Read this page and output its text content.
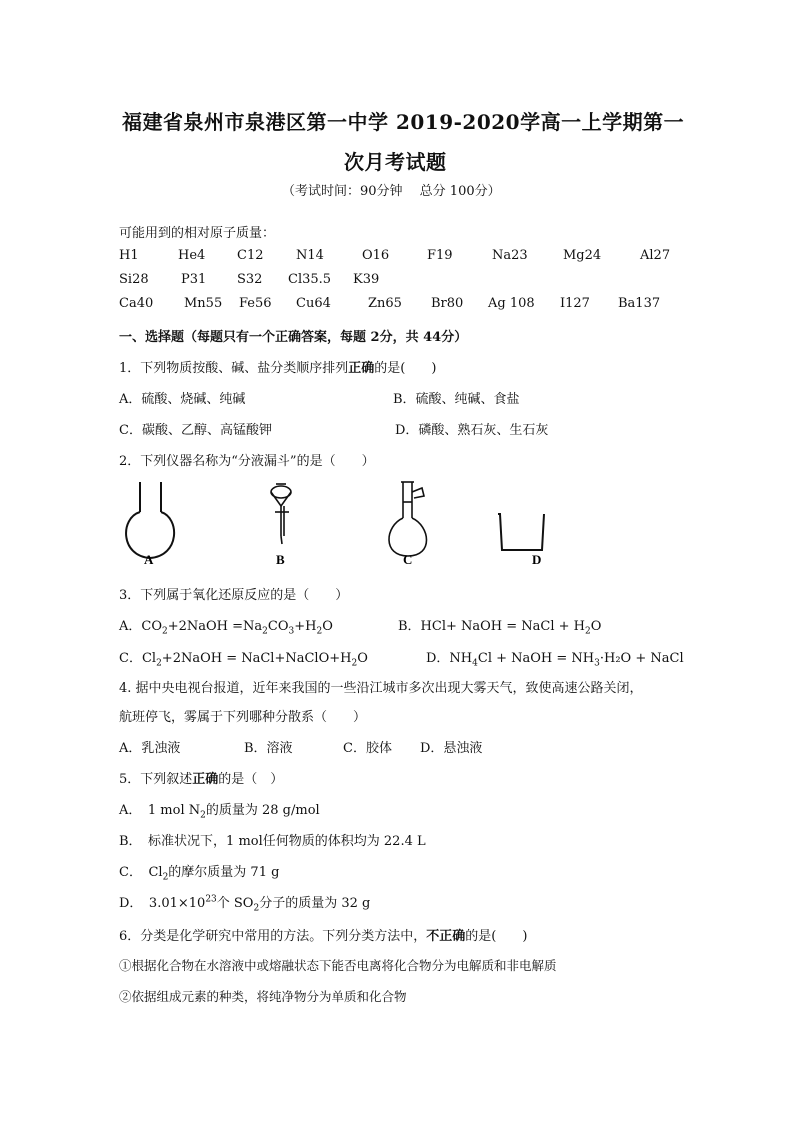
福建省泉州市泉港区第一中学 2019-2020学高一上学期第一
次月考试题
（考试时间：90分钟　 总分 100分）
可能用到的相对原子质量：
H1	He4 C12	N14	O16	F19	Na23	Mg24	Al27
Si28 P31 S32 Cl35.5 K39
Ca40 Mn55 Fe56 Cu64	Zn65 Br80 Ag 108 I127 Ba137
一、选择题（每题只有一个正确答案，每题 2分，共 44分）
1．下列物质按酸、碱、盐分类顺序排列正确的是(　　)
A．硫酸、烧碱、纯碱	B．硫酸、纯碱、食盐
C．碳酸、乙醇、高锰酸钾	D．磷酸、熟石灰、生石灰
2．下列仪器名称为“分液漏斗”的是（　　）
A	B	C	D
3．下列属于氧化还原反应的是（　　）
A．$CO_2+2NaOH =Na_2CO_3+H_2O$	B．HCl+ NaOH = NaCl + $H_2O$
C．$Cl_2+2NaOH$ = $NaCl+NaClO+H_2O$	D．$NH_4Cl$ + NaOH = $NH_3\cdot H_2O$ + NaCl
4. 据中央电视台报道，近年来我国的一些沿江城市多次出现大雾天气，致使高速公路关闭，
航班停飞，雾属于下列哪种分散系（　　）
A．乳浊液	B．溶液	C．胶体 D．悬浊液
5．下列叙述正确的是（　）
A．　1 mol $N_2$的质量为 28 g/mol
B．　标准状况下，1 mol任何物质的体积均为 22.4 L
C．　$Cl_2$的摩尔质量为 71 g
D．　$3.01\times 10^{23}$个 $SO_2$分子的质量为 32 g
6．分类是化学研究中常用的方法。下列分类方法中，不正确的是(　　)
①根据化合物在水溶液中或熔融状态下能否电离将化合物分为电解质和非电解质
②依据组成元素的种类，将纯净物分为单质和化合物
